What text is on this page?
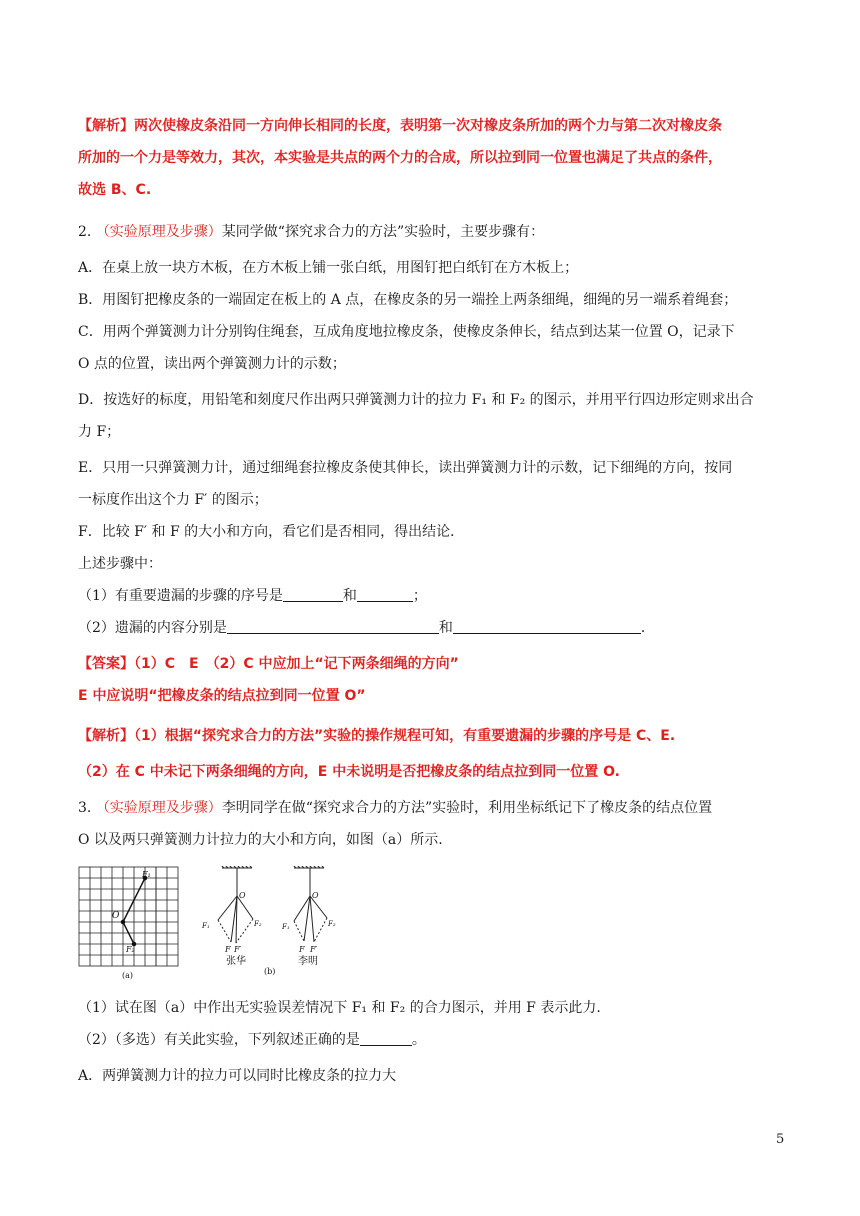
【解析】两次使橡皮条沿同一方向伸长相同的长度，表明第一次对橡皮条所加的两个力与第二次对橡皮条
所加的一个力是等效力，其次，本实验是共点的两个力的合成，所以拉到同一位置也满足了共点的条件，
故选 B、C.
2. （实验原理及步骤）某同学做“探究求合力的方法”实验时，主要步骤有：
A．在桌上放一块方木板，在方木板上铺一张白纸，用图钉把白纸钉在方木板上；
B．用图钉把橡皮条的一端固定在板上的 A 点，在橡皮条的另一端拴上两条细绳，细绳的另一端系着绳套；
C．用两个弹簧测力计分别钩住绳套，互成角度地拉橡皮条，使橡皮条伸长，结点到达某一位置 O，记录下
O 点的位置，读出两个弹簧测力计的示数；
D．按选好的标度，用铅笔和刻度尺作出两只弹簧测力计的拉力 F₁ 和 F₂ 的图示，并用平行四边形定则求出合
力 F；
E．只用一只弹簧测力计，通过细绳套拉橡皮条使其伸长，读出弹簧测力计的示数，记下细绳的方向，按同
一标度作出这个力 F′ 的图示；
F．比较 F′ 和 F 的大小和方向，看它们是否相同，得出结论．
上述步骤中：
（1）有重要遗漏的步骤的序号是	和	；
（2）遗漏的内容分别是	和	．
【答案】（1）C　E　（2）C 中应加上“记下两条细绳的方向”
E 中应说明“把橡皮条的结点拉到同一位置 O”
【解析】（1）根据“探究求合力的方法”实验的操作规程可知，有重要遗漏的步骤的序号是 C、E.
（2）在 C 中未记下两条细绳的方向，E 中未说明是否把橡皮条的结点拉到同一位置 O.
3. （实验原理及步骤）李明同学在做“探究求合力的方法”实验时，利用坐标纸记下了橡皮条的结点位置
O 以及两只弹簧测力计拉力的大小和方向，如图（a）所示.
O
F₁
F₂
(a)
O
F₁	F₂
F F′
张华
(b)
O
F₁	F₂
F F′
李明
（1）试在图（a）中作出无实验误差情况下 F₁ 和 F₂ 的合力图示，并用 F 表示此力.
（2）（多选）有关此实验，下列叙述正确的是	。
A．两弹簧测力计的拉力可以同时比橡皮条的拉力大
5
